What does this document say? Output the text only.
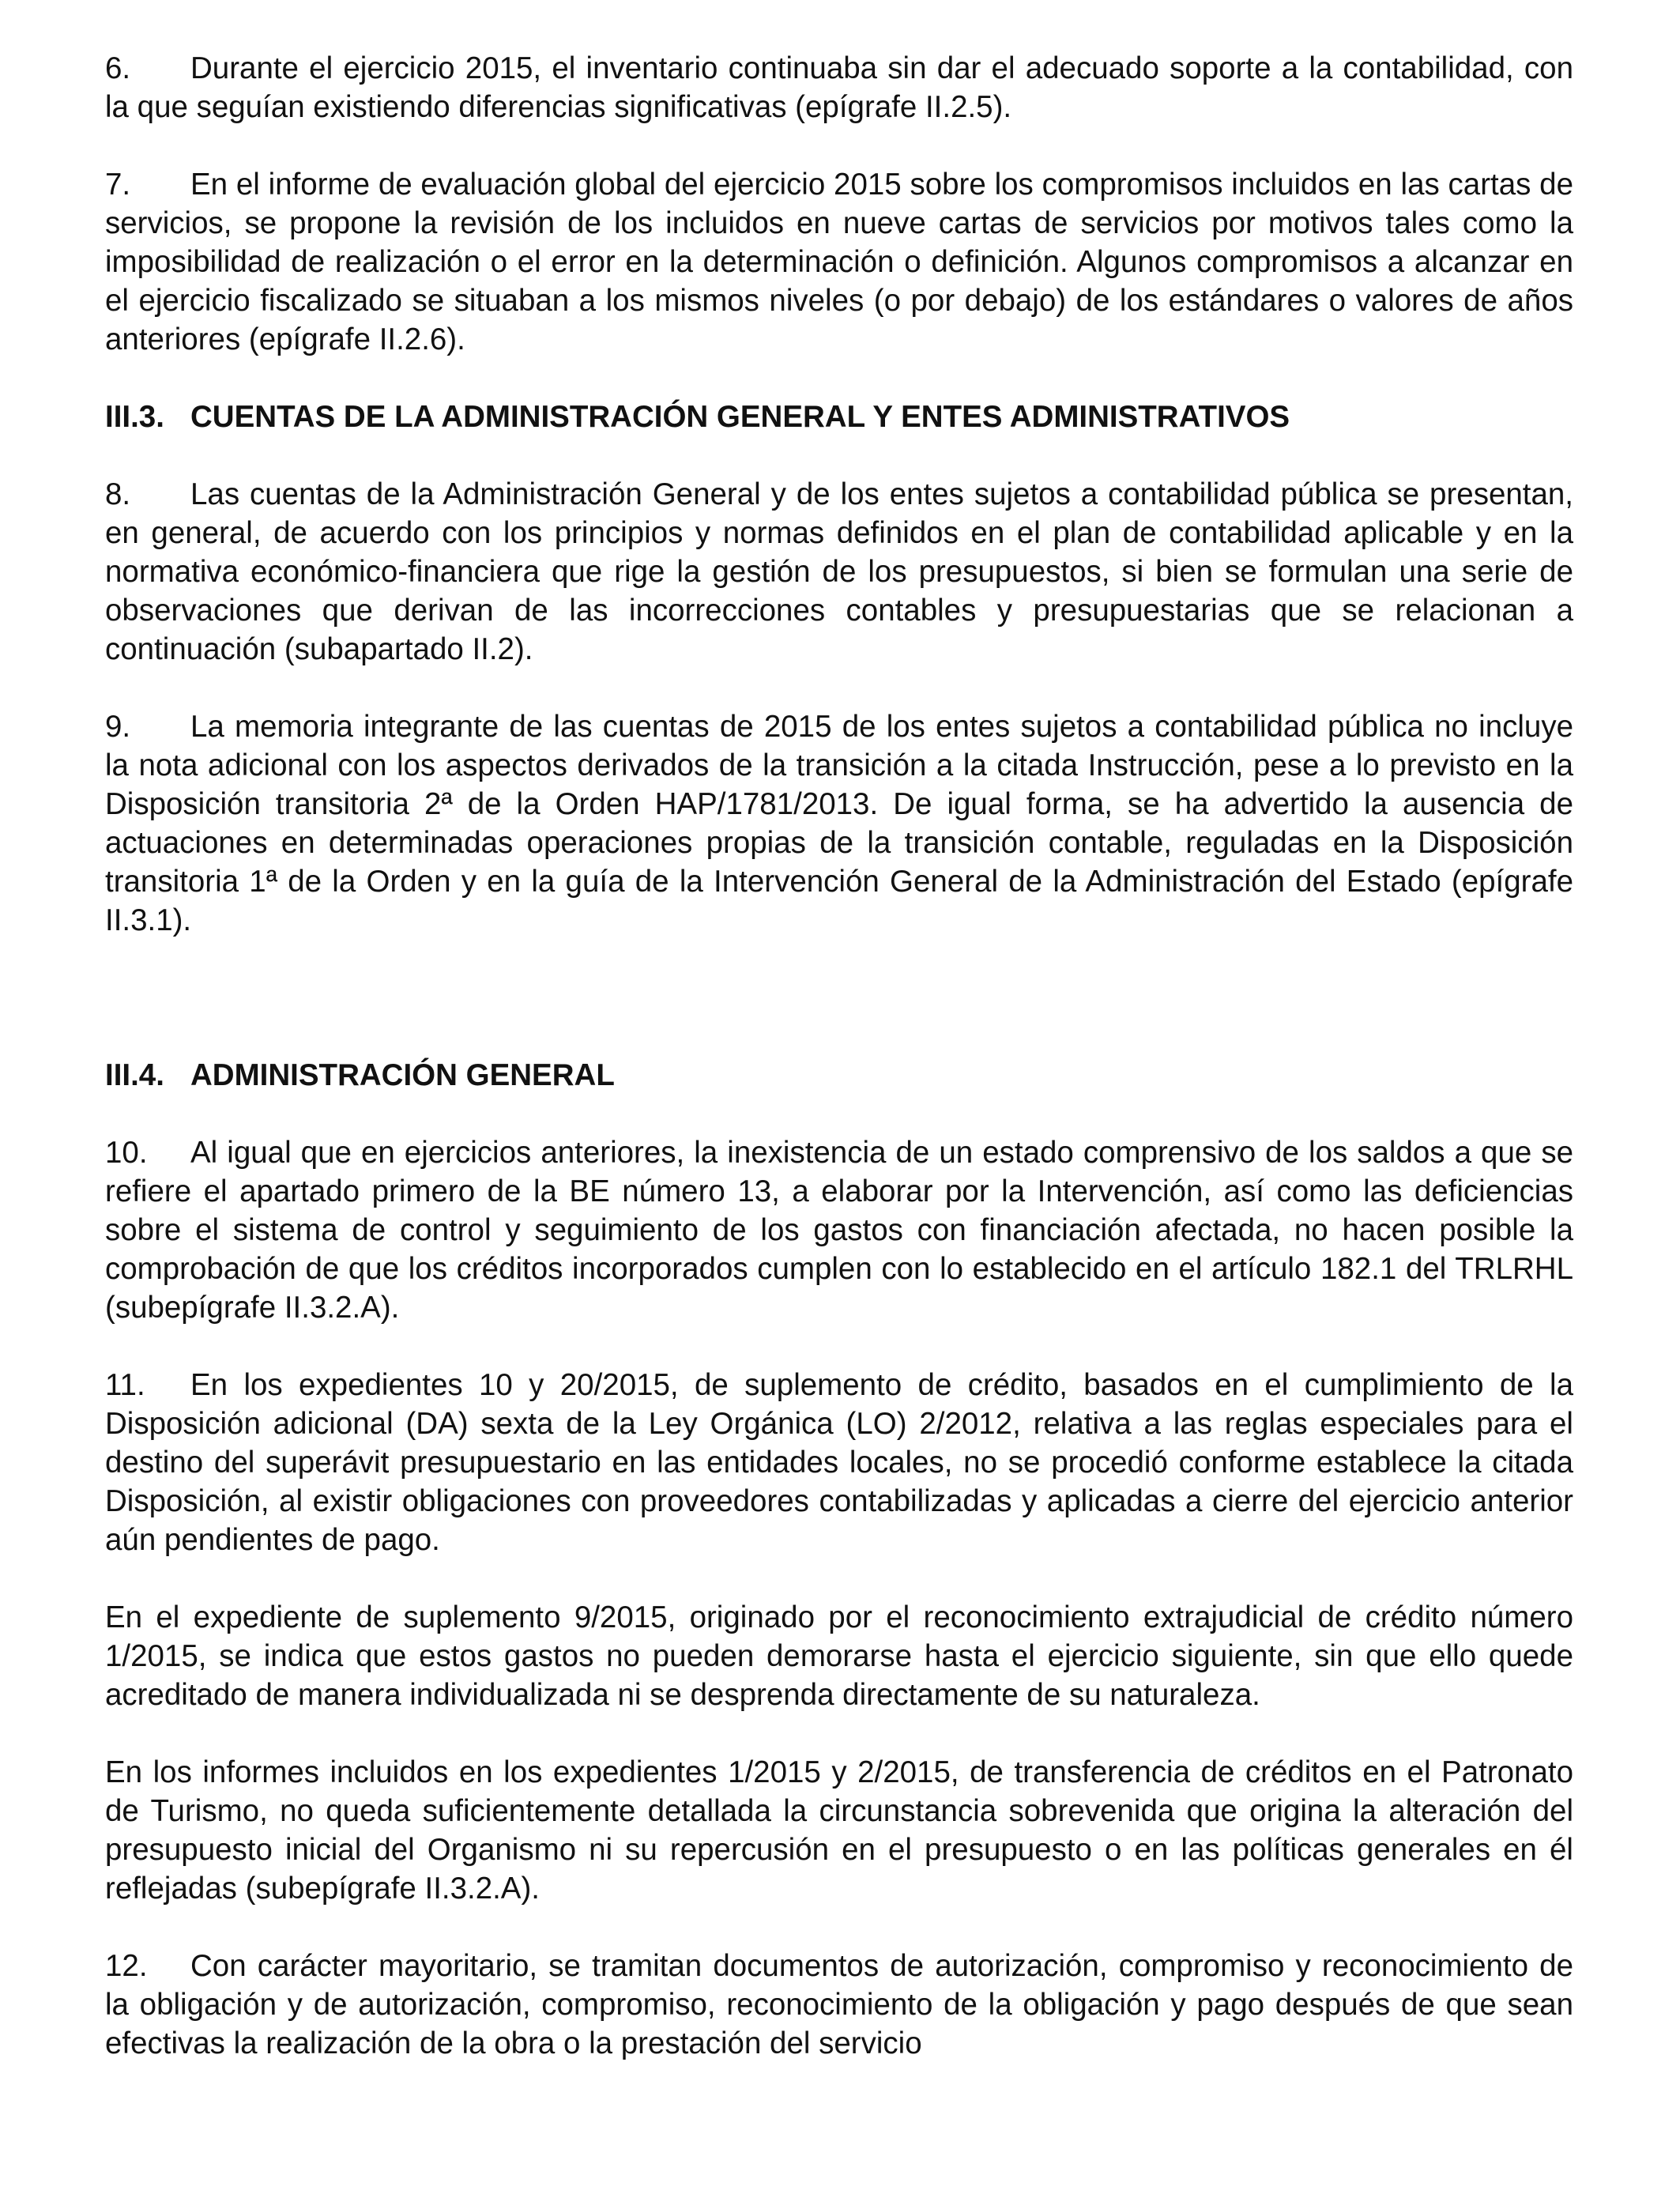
6. Durante el ejercicio 2015, el inventario continuaba sin dar el adecuado soporte a la contabilidad, con la que seguían existiendo diferencias significativas (epígrafe II.2.5).

7. En el informe de evaluación global del ejercicio 2015 sobre los compromisos incluidos en las cartas de servicios, se propone la revisión de los incluidos en nueve cartas de servicios por motivos tales como la imposibilidad de realización o el error en la determinación o definición. Algunos compromisos a alcanzar en el ejercicio fiscalizado se situaban a los mismos niveles (o por debajo) de los estándares o valores de años anteriores (epígrafe II.2.6).

III.3. CUENTAS DE LA ADMINISTRACIÓN GENERAL Y ENTES ADMINISTRATIVOS

8. Las cuentas de la Administración General y de los entes sujetos a contabilidad pública se presentan, en general, de acuerdo con los principios y normas definidos en el plan de contabilidad aplicable y en la normativa económico-financiera que rige la gestión de los presupuestos, si bien se formulan una serie de observaciones que derivan de las incorrecciones contables y presupuestarias que se relacionan a continuación (subapartado II.2).

9. La memoria integrante de las cuentas de 2015 de los entes sujetos a contabilidad pública no incluye la nota adicional con los aspectos derivados de la transición a la citada Instrucción, pese a lo previsto en la Disposición transitoria 2ª de la Orden HAP/1781/2013. De igual forma, se ha advertido la ausencia de actuaciones en determinadas operaciones propias de la transición contable, reguladas en la Disposición transitoria 1ª de la Orden y en la guía de la Intervención General de la Administración del Estado (epígrafe II.3.1).

III.4. ADMINISTRACIÓN GENERAL

10. Al igual que en ejercicios anteriores, la inexistencia de un estado comprensivo de los saldos a que se refiere el apartado primero de la BE número 13, a elaborar por la Intervención, así como las deficiencias sobre el sistema de control y seguimiento de los gastos con financiación afectada, no hacen posible la comprobación de que los créditos incorporados cumplen con lo establecido en el artículo 182.1 del TRLRHL (subepígrafe II.3.2.A).

11. En los expedientes 10 y 20/2015, de suplemento de crédito, basados en el cumplimiento de la Disposición adicional (DA) sexta de la Ley Orgánica (LO) 2/2012, relativa a las reglas especiales para el destino del superávit presupuestario en las entidades locales, no se procedió conforme establece la citada Disposición, al existir obligaciones con proveedores contabilizadas y aplicadas a cierre del ejercicio anterior aún pendientes de pago.

En el expediente de suplemento 9/2015, originado por el reconocimiento extrajudicial de crédito número 1/2015, se indica que estos gastos no pueden demorarse hasta el ejercicio siguiente, sin que ello quede acreditado de manera individualizada ni se desprenda directamente de su naturaleza.

En los informes incluidos en los expedientes 1/2015 y 2/2015, de transferencia de créditos en el Patronato de Turismo, no queda suficientemente detallada la circunstancia sobrevenida que origina la alteración del presupuesto inicial del Organismo ni su repercusión en el presupuesto o en las políticas generales en él reflejadas (subepígrafe II.3.2.A).

12. Con carácter mayoritario, se tramitan documentos de autorización, compromiso y reconocimiento de la obligación y de autorización, compromiso, reconocimiento de la obligación y pago después de que sean efectivas la realización de la obra o la prestación del servicio
